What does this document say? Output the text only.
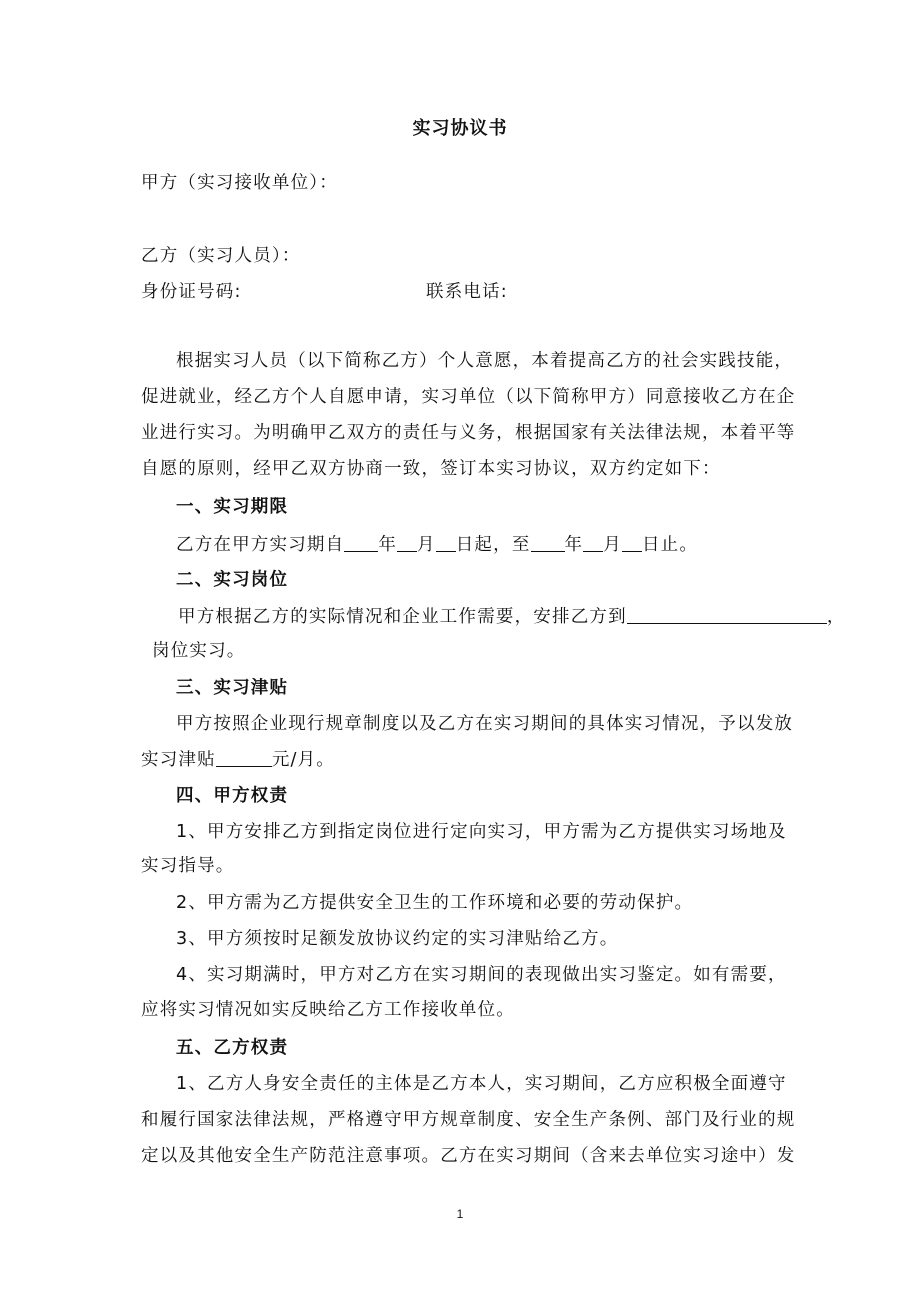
实习协议书
甲方（实习接收单位）：
乙方（实习人员）：
身份证号码:	联系电话:
根据实习人员（以下简称乙方）个人意愿，本着提高乙方的社会实践技能，
促进就业，经乙方个人自愿申请，实习单位（以下简称甲方）同意接收乙方在企
业进行实习。为明确甲乙双方的责任与义务，根据国家有关法律法规，本着平等
自愿的原则，经甲乙双方协商一致，签订本实习协议，双方约定如下：
一、实习期限
乙方在甲方实习期自 年 月 日起，至 年 月 日止。
二、实习岗位
甲方根据乙方的实际情况和企业工作需要，安排乙方到	，
岗位实习。
三、实习津贴
甲方按照企业现行规章制度以及乙方在实习期间的具体实习情况，予以发放
实习津贴	元/月。
四、甲方权责
1、甲方安排乙方到指定岗位进行定向实习，甲方需为乙方提供实习场地及
实习指导。
2、甲方需为乙方提供安全卫生的工作环境和必要的劳动保护。
3、甲方须按时足额发放协议约定的实习津贴给乙方。
4、实习期满时，甲方对乙方在实习期间的表现做出实习鉴定。如有需要，
应将实习情况如实反映给乙方工作接收单位。
五、乙方权责
1、乙方人身安全责任的主体是乙方本人，实习期间，乙方应积极全面遵守
和履行国家法律法规，严格遵守甲方规章制度、安全生产条例、部门及行业的规
定以及其他安全生产防范注意事项。乙方在实习期间（含来去单位实习途中）发
1
